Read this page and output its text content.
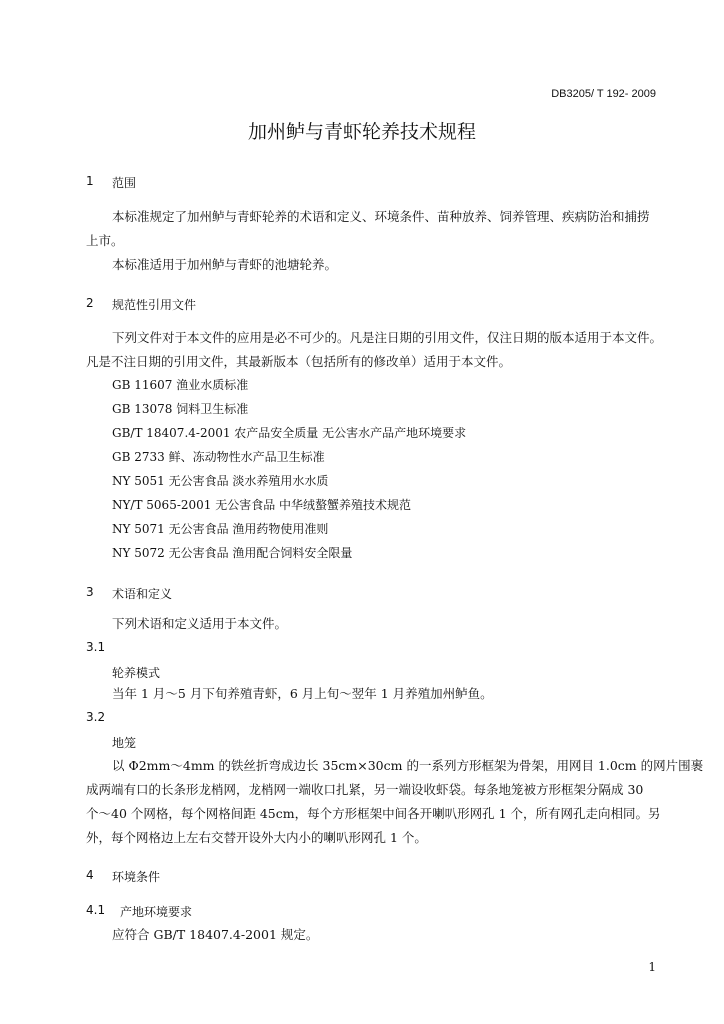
DB3205/ T 192- 2009
加州鲈与青虾轮养技术规程
1 范围
本标准规定了加州鲈与青虾轮养的术语和定义、环境条件、苗种放养、饲养管理、疾病防治和捕捞
上市。
本标准适用于加州鲈与青虾的池塘轮养。
2 规范性引用文件
下列文件对于本文件的应用是必不可少的。凡是注日期的引用文件，仅注日期的版本适用于本文件。
凡是不注日期的引用文件，其最新版本（包括所有的修改单）适用于本文件。
GB 11607 渔业水质标准
GB 13078 饲料卫生标准
GB/T 18407.4-2001 农产品安全质量 无公害水产品产地环境要求
GB 2733 鲜、冻动物性水产品卫生标准
NY 5051 无公害食品 淡水养殖用水水质
NY/T 5065-2001 无公害食品 中华绒螯蟹养殖技术规范
NY 5071 无公害食品 渔用药物使用准则
NY 5072 无公害食品 渔用配合饲料安全限量
3 术语和定义
下列术语和定义适用于本文件。
3.1
轮养模式
当年 1 月～5 月下旬养殖青虾，6 月上旬～翌年 1 月养殖加州鲈鱼。
3.2
地笼
以 Φ2mm～4mm 的铁丝折弯成边长 35cm×30cm 的一系列方形框架为骨架，用网目 1.0cm 的网片围裹
成两端有口的长条形龙梢网，龙梢网一端收口扎紧，另一端设收虾袋。每条地笼被方形框架分隔成 30
个～40 个网格，每个网格间距 45cm，每个方形框架中间各开喇叭形网孔 1 个，所有网孔走向相同。另
外，每个网格边上左右交替开设外大内小的喇叭形网孔 1 个。
4 环境条件
4.1 产地环境要求
应符合 GB/T 18407.4-2001 规定。
1
